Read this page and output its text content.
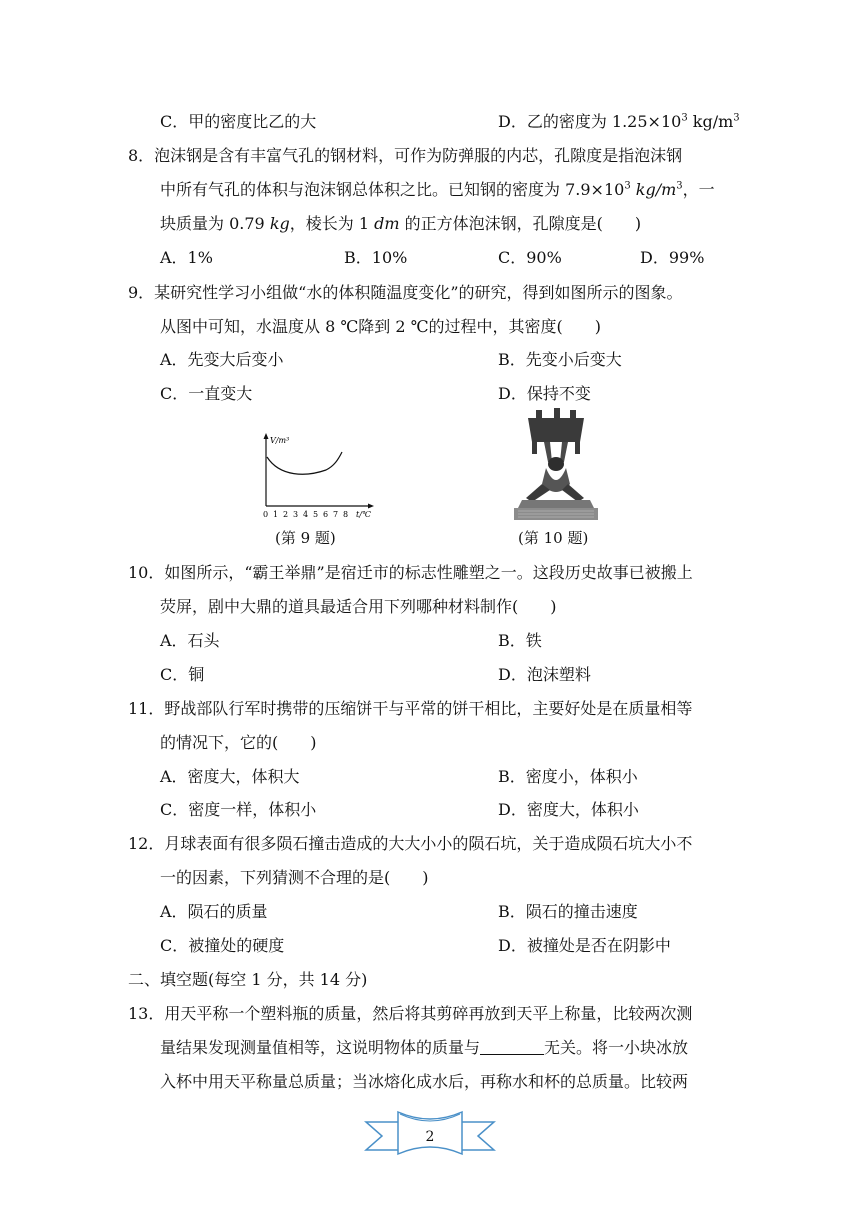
C．甲的密度比乙的大	D．乙的密度为 $1.25\times 10^3$ $kg/m^3$
8．泡沫钢是含有丰富气孔的钢材料，可作为防弹服的内芯，孔隙度是指泡沫钢
中所有气孔的体积与泡沫钢总体积之比。已知钢的密度为 $7.9\times 10^3$ $kg/m^3$，一
块质量为 0.79 kg，棱长为 1 dm 的正方体泡沫钢，孔隙度是(　　)
A．1%	B．10%	C．90%	D．99%
9．某研究性学习小组做“水的体积随温度变化”的研究，得到如图所示的图象。
从图中可知，水温度从 8 ℃降到 2 ℃的过程中，其密度(　　)
A．先变大后变小	B．先变小后变大
C．一直变大	D．保持不变
V/m³
0 1 2 3 4 5 6 7 8 t/℃
(第 9 题)	(第 10 题)
10．如图所示，“霸王举鼎”是宿迁市的标志性雕塑之一。这段历史故事已被搬上
荧屏，剧中大鼎的道具最适合用下列哪种材料制作(　　)
A．石头	B．铁
C．铜	D．泡沫塑料
11．野战部队行军时携带的压缩饼干与平常的饼干相比，主要好处是在质量相等
的情况下，它的(　　)
A．密度大，体积大	B．密度小，体积小
C．密度一样，体积小	D．密度大，体积小
12．月球表面有很多陨石撞击造成的大大小小的陨石坑，关于造成陨石坑大小不
一的因素，下列猜测不合理的是(　　)
A．陨石的质量	B．陨石的撞击速度
C．被撞处的硬度	D．被撞处是否在阴影中
二、填空题(每空 1 分，共 14 分)
13．用天平称一个塑料瓶的质量，然后将其剪碎再放到天平上称量，比较两次测
量结果发现测量值相等，这说明物体的质量与	无关。将一小块冰放
入杯中用天平称量总质量；当冰熔化成水后，再称水和杯的总质量。比较两
2
